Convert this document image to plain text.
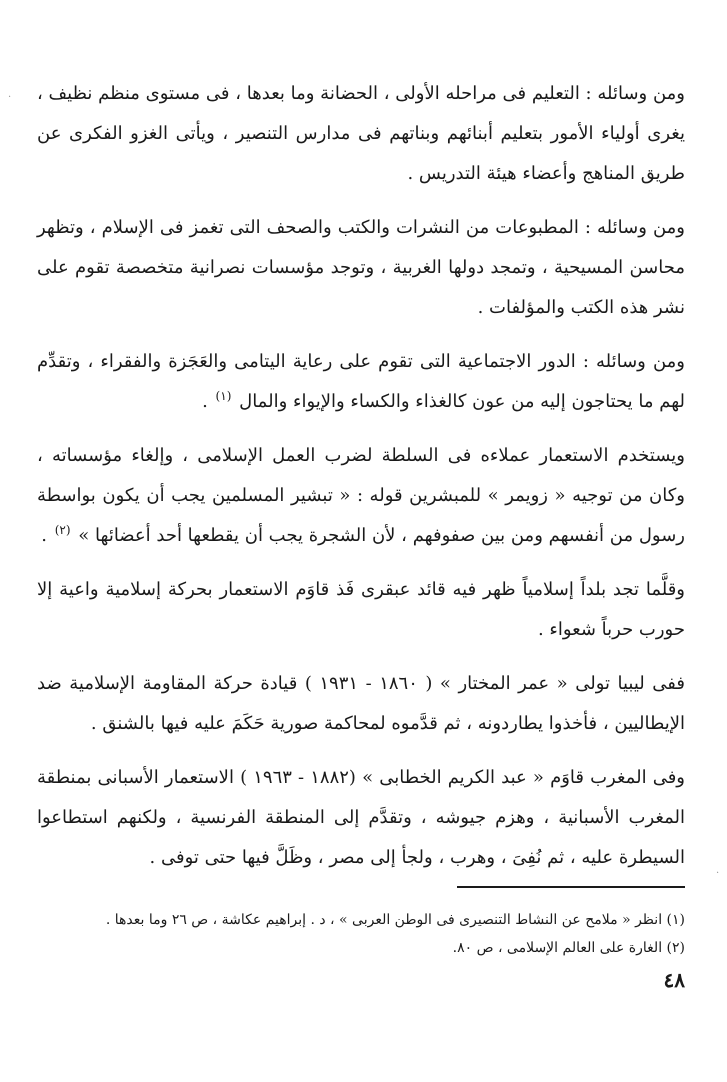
ومن وسائله : التعليم فى مراحله الأولى ، الحضانة وما بعدها ، فى مستوى منظم نظيف ، يغرى أولياء الأمور بتعليم أبنائهم وبناتهم فى مدارس التنصير ، ويأتى الغزو الفكرى عن طريق المناهج وأعضاء هيئة التدريس .

ومن وسائله : المطبوعات من النشرات والكتب والصحف التى تغمز فى الإسلام ، وتظهر محاسن المسيحية ، وتمجد دولها الغربية ، وتوجد مؤسسات نصرانية متخصصة تقوم على نشر هذه الكتب والمؤلفات .

ومن وسائله : الدور الاجتماعية التى تقوم على رعاية اليتامى والعَجَزة والفقراء ، وتقدِّم لهم ما يحتاجون إليه من عون كالغذاء والكساء والإيواء والمال $^{(١)}$ .

ويستخدم الاستعمار عملاءه فى السلطة لضرب العمل الإسلامى ، وإلغاء مؤسساته ، وكان من توجيه « زويمر » للمبشرين قوله : « تبشير المسلمين يجب أن يكون بواسطة رسول من أنفسهم ومن بين صفوفهم ، لأن الشجرة يجب أن يقطعها أحد أعضائها » $^{(٢)}$ .

وقلَّما تجد بلداً إسلامياً ظهر فيه قائد عبقرى فَذ قاوَم الاستعمار بحركة إسلامية واعية إلا حورب حرباً شعواء .

ففى ليبيا تولى « عمر المختار » ( ١٨٦٠ - ١٩٣١ ) قيادة حركة المقاومة الإسلامية ضد الإيطاليين ، فأخذوا يطاردونه ، ثم قدَّموه لمحاكمة صورية حَكَمَ عليه فيها بالشنق .

وفى المغرب قاوَم « عبد الكريم الخطابى » (١٨٨٢ - ١٩٦٣ ) الاستعمار الأسبانى بمنطقة المغرب الأسبانية ، وهزم جيوشه ، وتقدَّم إلى المنطقة الفرنسية ، ولكنهم استطاعوا السيطرة عليه ، ثم نُفِىَ ، وهرب ، ولجأ إلى مصر ، وظَلَّ فيها حتى توفى .

(١) انظر « ملامح عن النشاط التنصيرى فى الوطن العربى » ، د . إبراهيم عكاشة ، ص ٢٦ وما بعدها .

(٢) الغارة على العالم الإسلامى ، ص ٨٠.

٤٨
·
·
